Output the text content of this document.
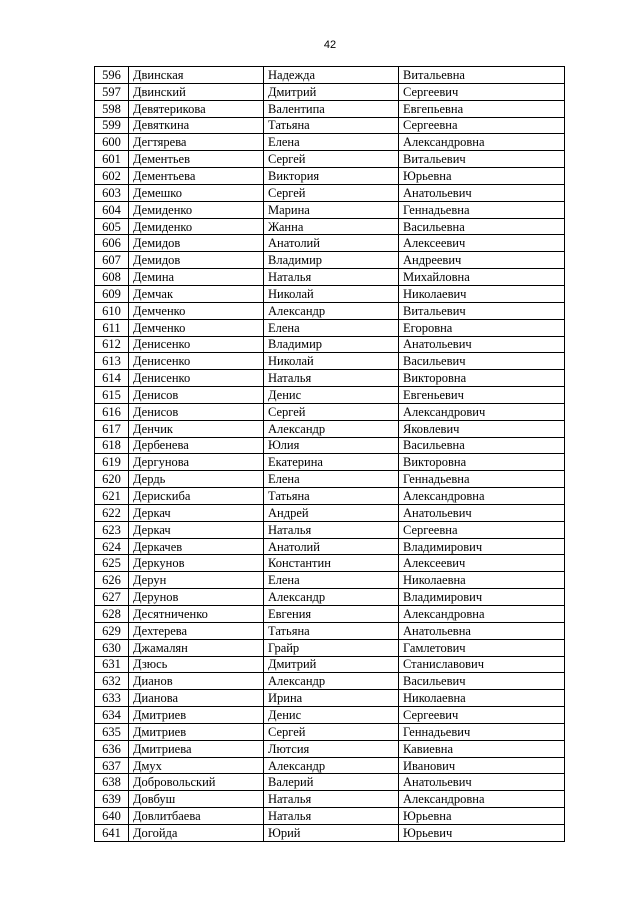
42
596	Двинская	Надежда	Витальевна
597	Двинский	Дмитрий	Сергеевич
598	Девятерикова	Валентипа	Евгепьевна
599	Девяткина	Татьяна	Сергеевна
600	Дегтярева	Елена	Александровна
601	Дементьев	Сергей	Витальевич
602	Дементьева	Виктория	Юрьевна
603	Демешко	Сергей	Анатольевич
604	Демиденко	Марина	Геннадьевна
605	Демиденко	Жанна	Васильевна
606	Демидов	Анатолий	Алексеевич
607	Демидов	Владимир	Андреевич
608	Демина	Наталья	Михайловна
609	Демчак	Николай	Николаевич
610	Демченко	Александр	Витальевич
611	Демченко	Елена	Егоровна
612	Денисенко	Владимир	Анатольевич
613	Денисенко	Николай	Васильевич
614	Денисенко	Наталья	Викторовна
615	Денисов	Денис	Евгеньевич
616	Денисов	Сергей	Александрович
617	Денчик	Александр	Яковлевич
618	Дербенева	Юлия	Васильевна
619	Дергунова	Екатерина	Викторовна
620	Дердь	Елена	Геннадьевна
621	Дерискиба	Татьяна	Александровна
622	Деркач	Андрей	Анатольевич
623	Деркач	Наталья	Сергеевна
624	Деркачев	Анатолий	Владимирович
625	Деркунов	Константин	Алексеевич
626	Дерун	Елена	Николаевна
627	Дерунов	Александр	Владимирович
628	Десятниченко	Евгения	Александровна
629	Дехтерева	Татьяна	Анатольевна
630	Джамалян	Грайр	Гамлетович
631	Дзюсь	Дмитрий	Станиславович
632	Дианов	Александр	Васильевич
633	Дианова	Ирина	Николаевна
634	Дмитриев	Денис	Сергеевич
635	Дмитриев	Сергей	Геннадьевич
636	Дмитриева	Лютсия	Кавиевна
637	Дмух	Александр	Иванович
638	Добровольский	Валерий	Анатольевич
639	Довбуш	Наталья	Александровна
640	Довлитбаева	Наталья	Юрьевна
641	Догойда	Юрий	Юрьевич
